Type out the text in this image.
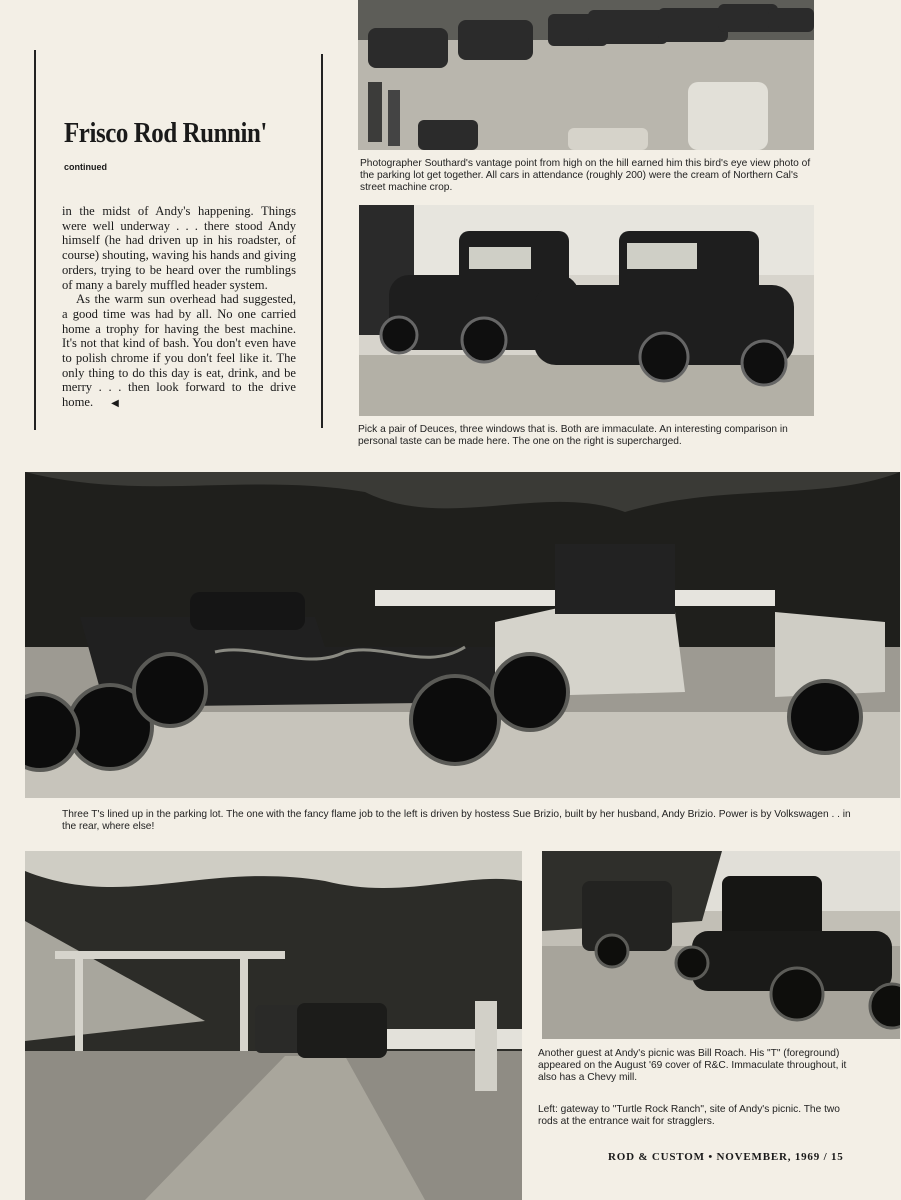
Frisco Rod Runnin'
continued

in the midst of Andy's happening. Things were well underway . . . there stood Andy himself (he had driven up in his roadster, of course) shouting, waving his hands and giving orders, trying to be heard over the rumblings of many a barely muffled header system.

As the warm sun overhead had suggested, a good time was had by all. No one carried home a trophy for having the best machine. It's not that kind of bash. You don't even have to polish chrome if you don't feel like it. The only thing to do this day is eat, drink, and be merry . . . then look forward to the drive home. ◀

Photographer Southard's vantage point from high on the hill earned him this bird's eye view photo of the parking lot get together. All cars in attendance (roughly 200) were the cream of Northern Cal's street machine crop.
Pick a pair of Deuces, three windows that is. Both are immaculate. An interesting comparison in personal taste can be made here. The one on the right is supercharged.
Three T's lined up in the parking lot. The one with the fancy flame job to the left is driven by hostess Sue Brizio, built by her husband, Andy Brizio. Power is by Volkswagen . . in the rear, where else!
Another guest at Andy's picnic was Bill Roach. His "T" (foreground) appeared on the August '69 cover of R&C. Immaculate throughout, it also has a Chevy mill.
Left: gateway to "Turtle Rock Ranch", site of Andy's picnic. The two rods at the entrance wait for stragglers.
ROD & CUSTOM • NOVEMBER, 1969 / 15
